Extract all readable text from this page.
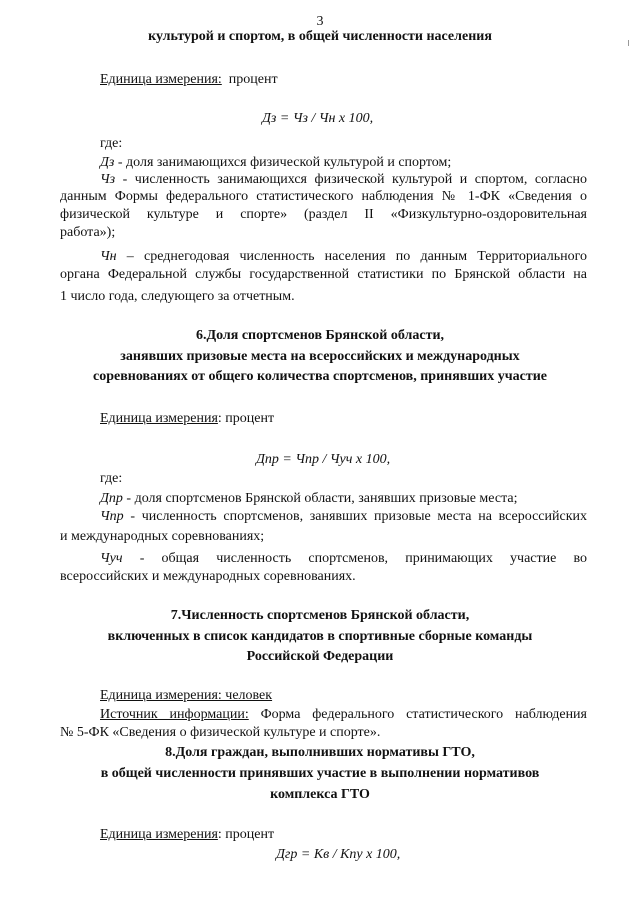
3
культурой и спортом, в общей численности населения
Единица измерения: процент
Дз = Чз / Чн х 100,
где:
Дз - доля занимающихся физической культурой и спортом;
Чз - численность занимающихся физической культурой и спортом, согласно
данным Формы федерального статистического наблюдения № 1-ФК «Сведения о
физической культуре и спорте» (раздел II «Физкультурно-оздоровительная
работа»);
Чн – среднегодовая численность населения по данным Территориального
органа Федеральной службы государственной статистики по Брянской области на
1 число года, следующего за отчетным.
6.Доля спортсменов Брянской области,
занявших призовые места на всероссийских и международных
соревнованиях от общего количества спортсменов, принявших участие
Единица измерения: процент
Дпр = Чпр / Чуч х 100,
где:
Дпр - доля спортсменов Брянской области, занявших призовые места;
Чпр - численность спортсменов, занявших призовые места на всероссийских
и международных соревнованиях;
Чуч - общая численность спортсменов, принимающих участие во
всероссийских и международных соревнованиях.
7.Численность спортсменов Брянской области,
включенных в список кандидатов в спортивные сборные команды
Российской Федерации
Единица измерения: человек
Источник информации: Форма федерального статистического наблюдения
№ 5-ФК «Сведения о физической культуре и спорте».
8.Доля граждан, выполнивших нормативы ГТО,
в общей численности принявших участие в выполнении нормативов
комплекса ГТО
Единица измерения: процент
Дгр = Кв / Кпу х 100,
